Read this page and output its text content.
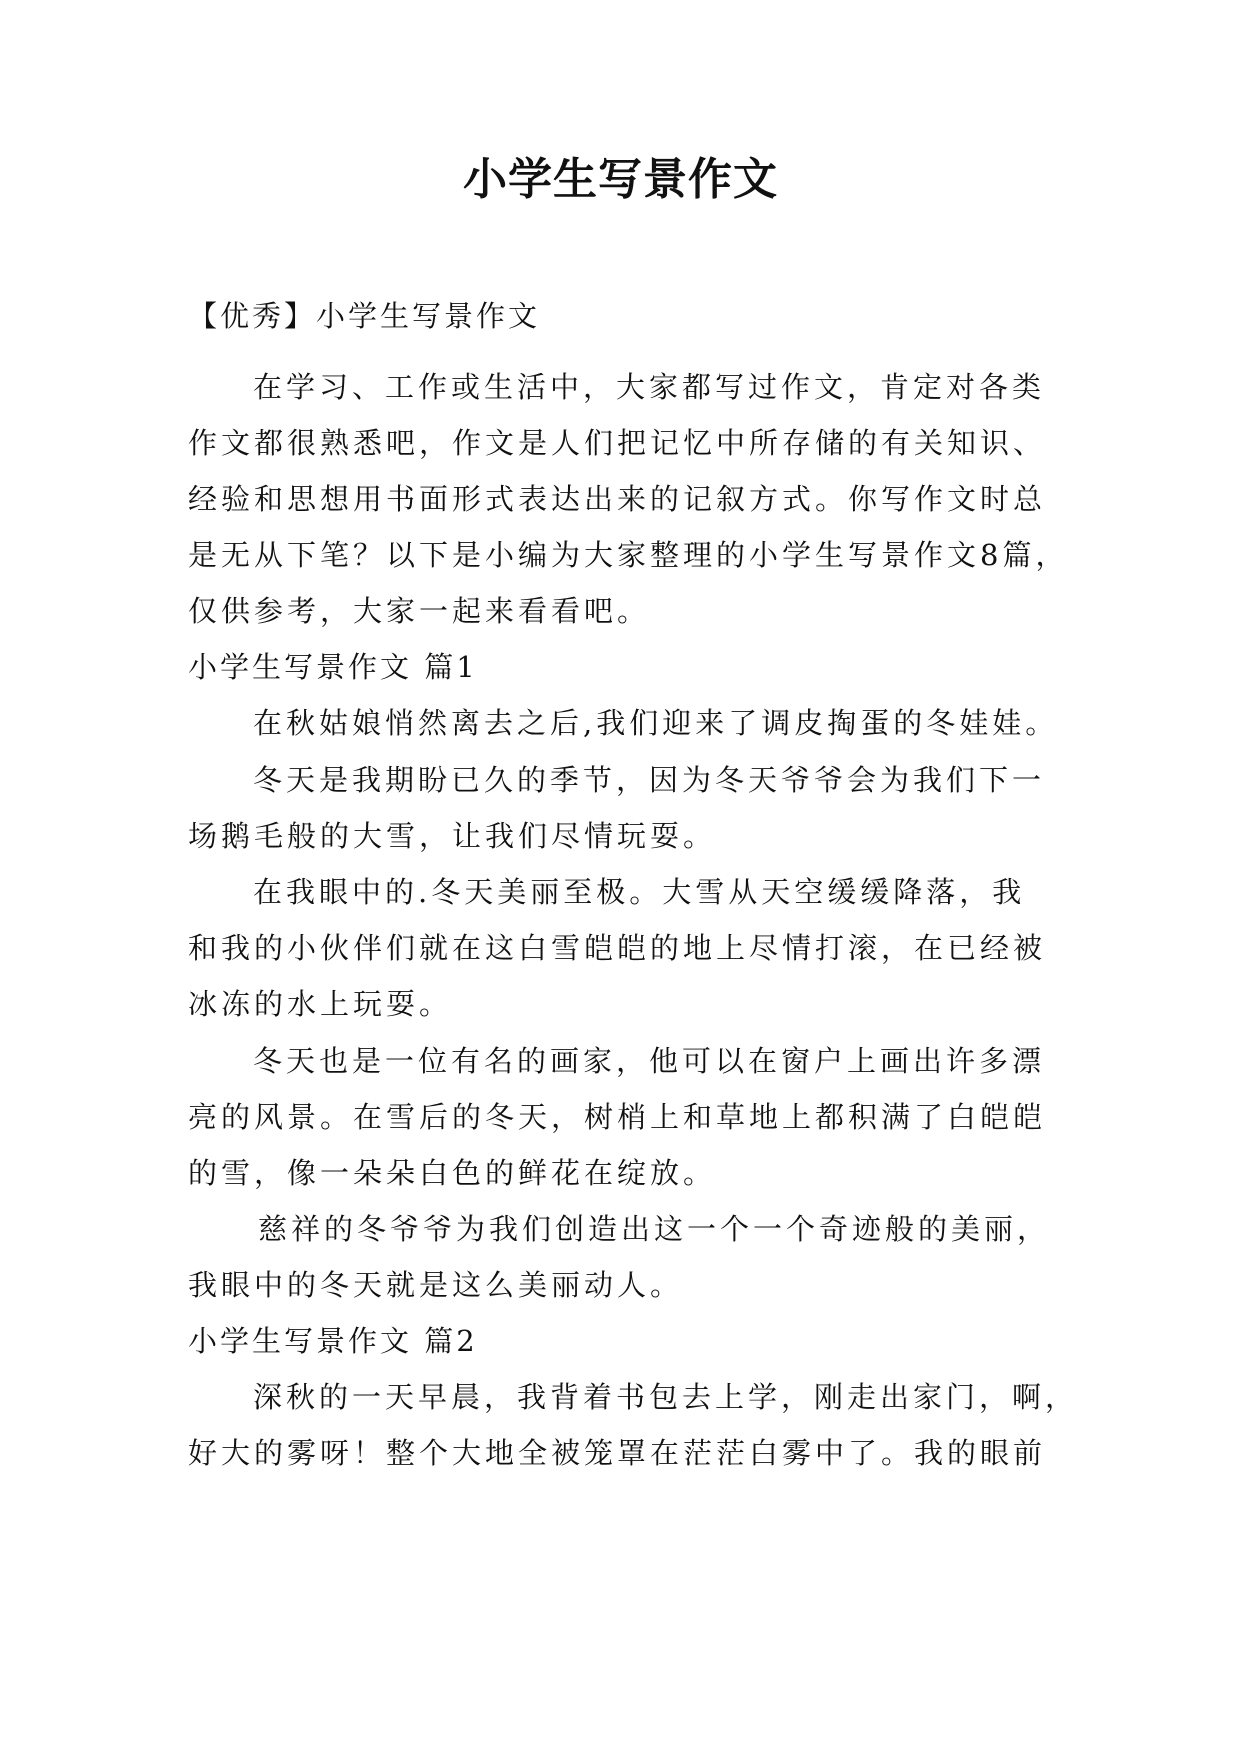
小学生写景作文
【优秀】小学生写景作文
在学习、工作或生活中，大家都写过作文，肯定对各类
作文都很熟悉吧，作文是人们把记忆中所存储的有关知识、
经验和思想用书面形式表达出来的记叙方式。你写作文时总
是无从下笔？以下是小编为大家整理的小学生写景作文8篇，
仅供参考，大家一起来看看吧。
小学生写景作文 篇1
在秋姑娘悄然离去之后,我们迎来了调皮掏蛋的冬娃娃。
冬天是我期盼已久的季节，因为冬天爷爷会为我们下一
场鹅毛般的大雪，让我们尽情玩耍。
在我眼中的.冬天美丽至极。大雪从天空缓缓降落，我
和我的小伙伴们就在这白雪皑皑的地上尽情打滚，在已经被
冰冻的水上玩耍。
冬天也是一位有名的画家，他可以在窗户上画出许多漂
亮的风景。在雪后的冬天，树梢上和草地上都积满了白皑皑
的雪，像一朵朵白色的鲜花在绽放。
慈祥的冬爷爷为我们创造出这一个一个奇迹般的美丽，
我眼中的冬天就是这么美丽动人。
小学生写景作文 篇2
深秋的一天早晨，我背着书包去上学，刚走出家门，啊，
好大的雾呀！整个大地全被笼罩在茫茫白雾中了。我的眼前
